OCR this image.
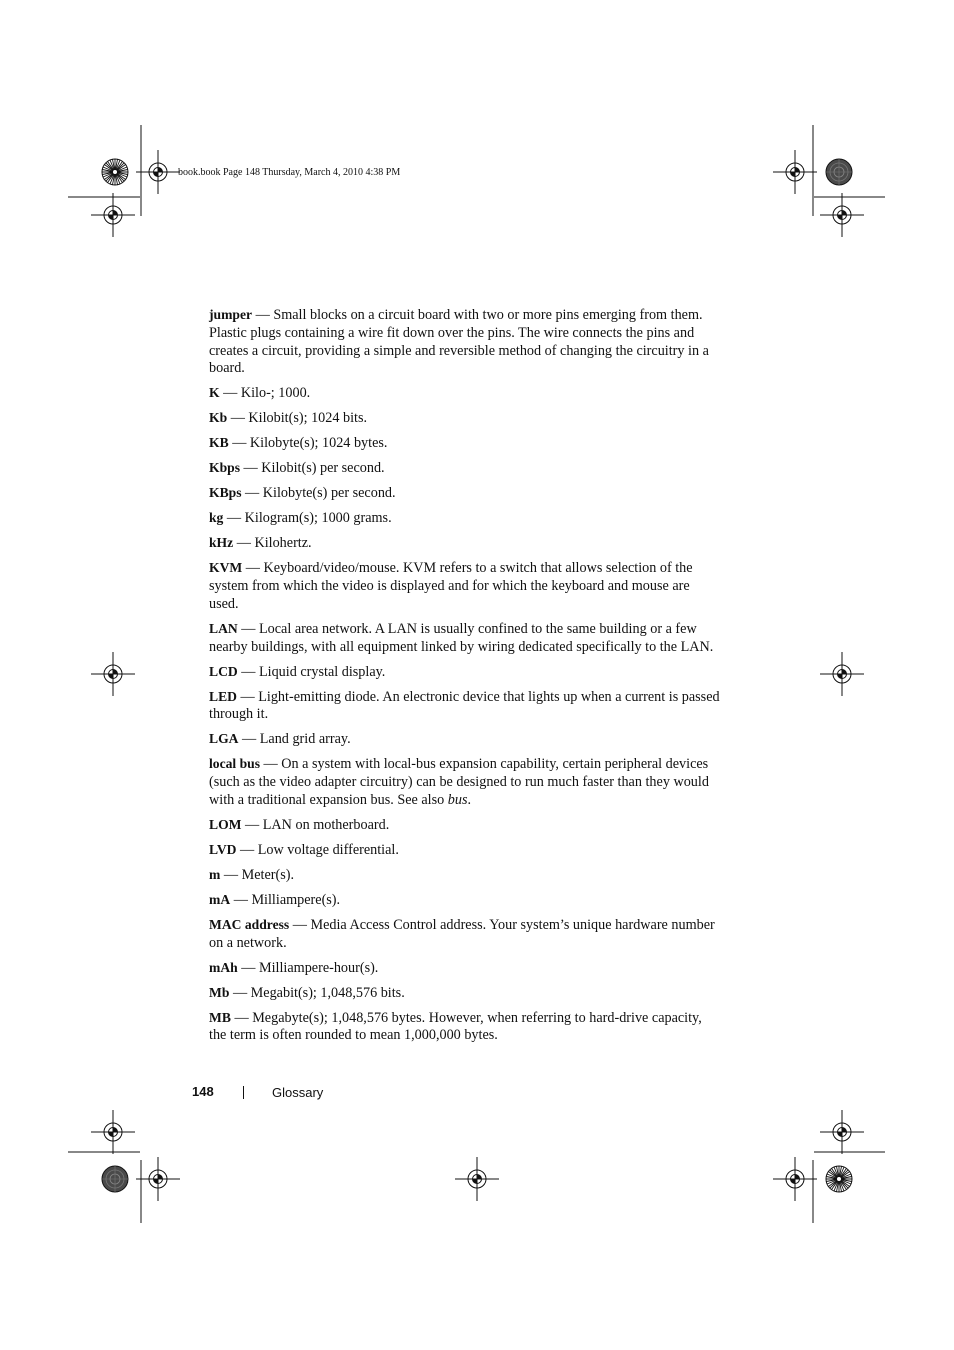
book.book Page 148 Thursday, March 4, 2010 4:38 PM

jumper — Small blocks on a circuit board with two or more pins emerging from them. Plastic plugs containing a wire fit down over the pins. The wire connects the pins and creates a circuit, providing a simple and reversible method of changing the circuitry in a board.

K — Kilo-; 1000.

Kb — Kilobit(s); 1024 bits.

KB — Kilobyte(s); 1024 bytes.

Kbps — Kilobit(s) per second.

KBps — Kilobyte(s) per second.

kg — Kilogram(s); 1000 grams.

kHz — Kilohertz.

KVM — Keyboard/video/mouse. KVM refers to a switch that allows selection of the system from which the video is displayed and for which the keyboard and mouse are used.

LAN — Local area network. A LAN is usually confined to the same building or a few nearby buildings, with all equipment linked by wiring dedicated specifically to the LAN.

LCD — Liquid crystal display.

LED — Light-emitting diode. An electronic device that lights up when a current is passed through it.

LGA — Land grid array.

local bus — On a system with local-bus expansion capability, certain peripheral devices (such as the video adapter circuitry) can be designed to run much faster than they would with a traditional expansion bus. See also bus.

LOM — LAN on motherboard.

LVD — Low voltage differential.

m — Meter(s).

mA — Milliampere(s).

MAC address — Media Access Control address. Your system’s unique hardware number on a network.

mAh — Milliampere-hour(s).

Mb — Megabit(s); 1,048,576 bits.

MB — Megabyte(s); 1,048,576 bytes. However, when referring to hard-drive capacity, the term is often rounded to mean 1,000,000 bytes.

148	Glossary
